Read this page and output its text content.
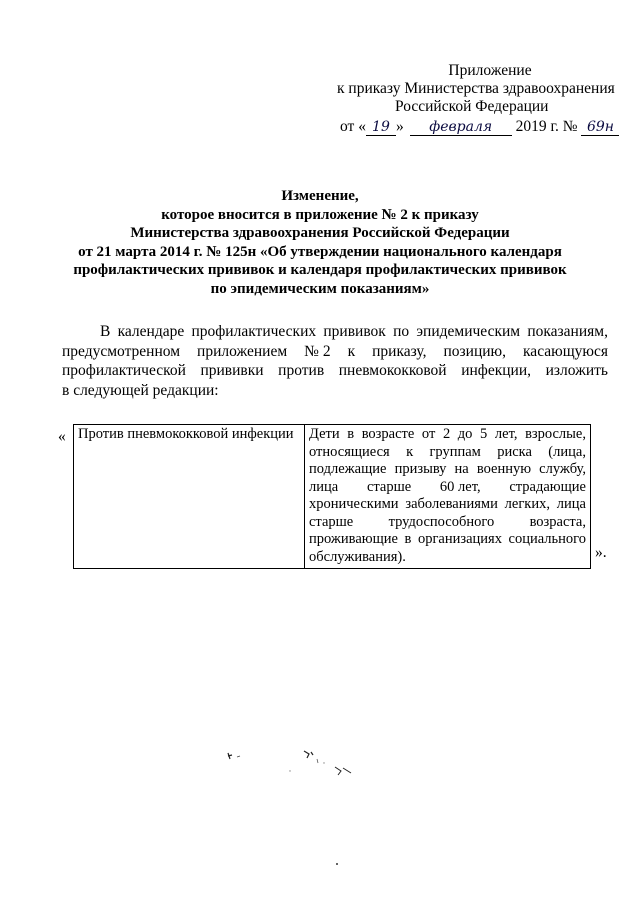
Приложение
к приказу Министерства здравоохранения
Российской Федерации
от « 19 » февраля 2019 г. № 69н
Изменение,
которое вносится в приложение № 2 к приказу
Министерства здравоохранения Российской Федерации
от 21 марта 2014 г. № 125н «Об утверждении национального календаря
профилактических прививок и календаря профилактических прививок
по эпидемическим показаниям»
В календаре профилактических прививок по эпидемическим показаниям,
предусмотренном приложением № 2 к приказу, позицию, касающуюся
профилактической прививки против пневмококковой инфекции, изложить
в следующей редакции:
« Против пневмококковой инфекции	Дети в возрасте от 2 до 5 лет, взрослые,
относящиеся к группам риска (лица,
подлежащие призыву на военную службу,
лица старше 60 лет, страдающие
хроническими заболеваниями легких, лица
старше трудоспособного возраста,
проживающие в организациях социального
обслуживания).	».
